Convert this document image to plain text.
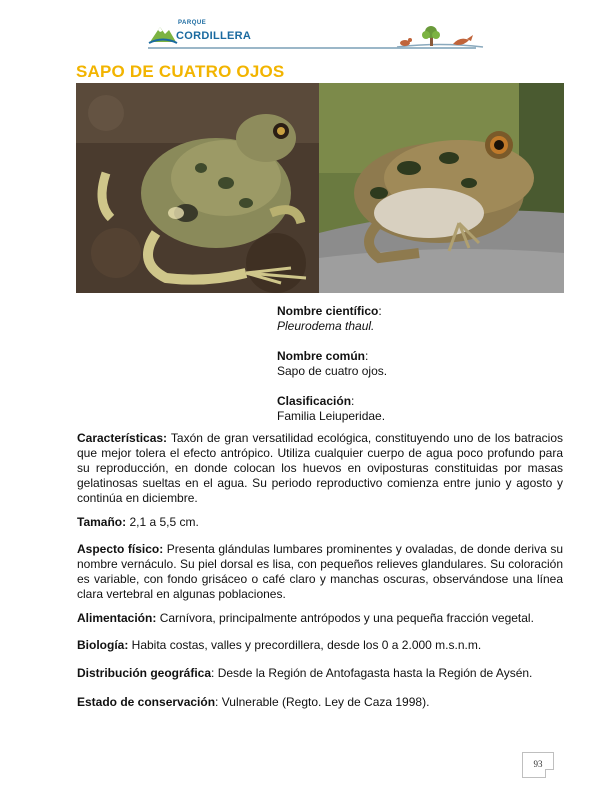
PARQUE
CORDILLERA
SAPO DE CUATRO OJOS
Nombre científico:
Pleurodema thaul.
Nombre común:
Sapo de cuatro ojos.
Clasificación:
Familia Leiuperidae.
Características: Taxón de gran versatilidad ecológica, constituyendo uno de los batracios que mejor tolera el efecto antrópico. Utiliza cualquier cuerpo de agua poco profundo para su reproducción, en donde colocan los huevos en oviposturas constituidas por masas gelatinosas sueltas en el agua. Su periodo reproductivo comienza entre junio y agosto y continúa en diciembre.
Tamaño: 2,1 a 5,5 cm.
Aspecto físico: Presenta glándulas lumbares prominentes y ovaladas, de donde deriva su nombre vernáculo. Su piel dorsal es lisa, con pequeños relieves glandulares. Su coloración es variable, con fondo grisáceo o café claro y manchas oscuras, observándose una línea clara vertebral en algunas poblaciones.
Alimentación: Carnívora, principalmente antrópodos y una pequeña fracción vegetal.
Biología: Habita costas, valles y precordillera, desde los 0 a 2.000 m.s.n.m.
Distribución geográfica: Desde la Región de Antofagasta hasta la Región de Aysén.
Estado de conservación: Vulnerable (Regto. Ley de Caza 1998).
93
